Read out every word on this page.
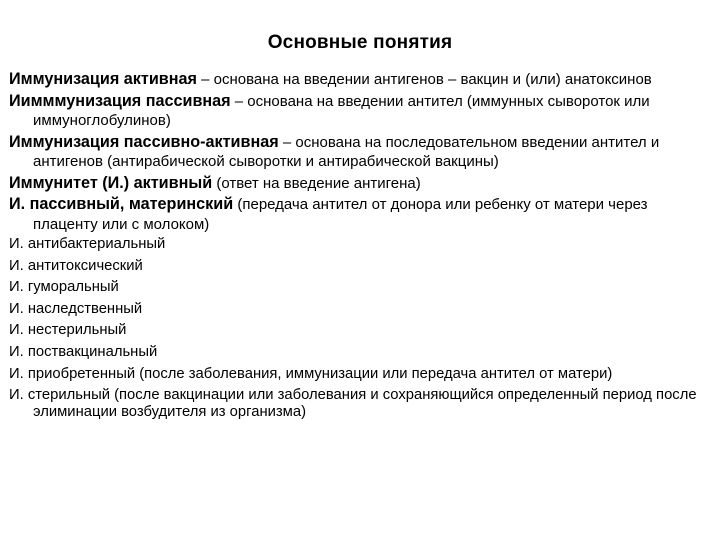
Основные понятия

Иммунизация активная – основана на введении антигенов – вакцин и (или) анатоксинов

Иимммунизация пассивная – основана на введении антител (иммунных сывороток или иммуноглобулинов)

Иммунизация пассивно-активная – основана на последовательном введении антител и антигенов (антирабической сыворотки и антирабической вакцины)

Иммунитет (И.) активный (ответ на введение антигена)

И. пассивный, материнский (передача антител от донора или ребенку от матери через плаценту или с молоком)

И. антибактериальный

И. антитоксический

И. гуморальный

И. наследственный

И. нестерильный

И. поствакцинальный

И. приобретенный (после заболевания, иммунизации или передача антител от матери)

И. стерильный (после вакцинации или заболевания и сохраняющийся определенный период после элиминации возбудителя из организма)
